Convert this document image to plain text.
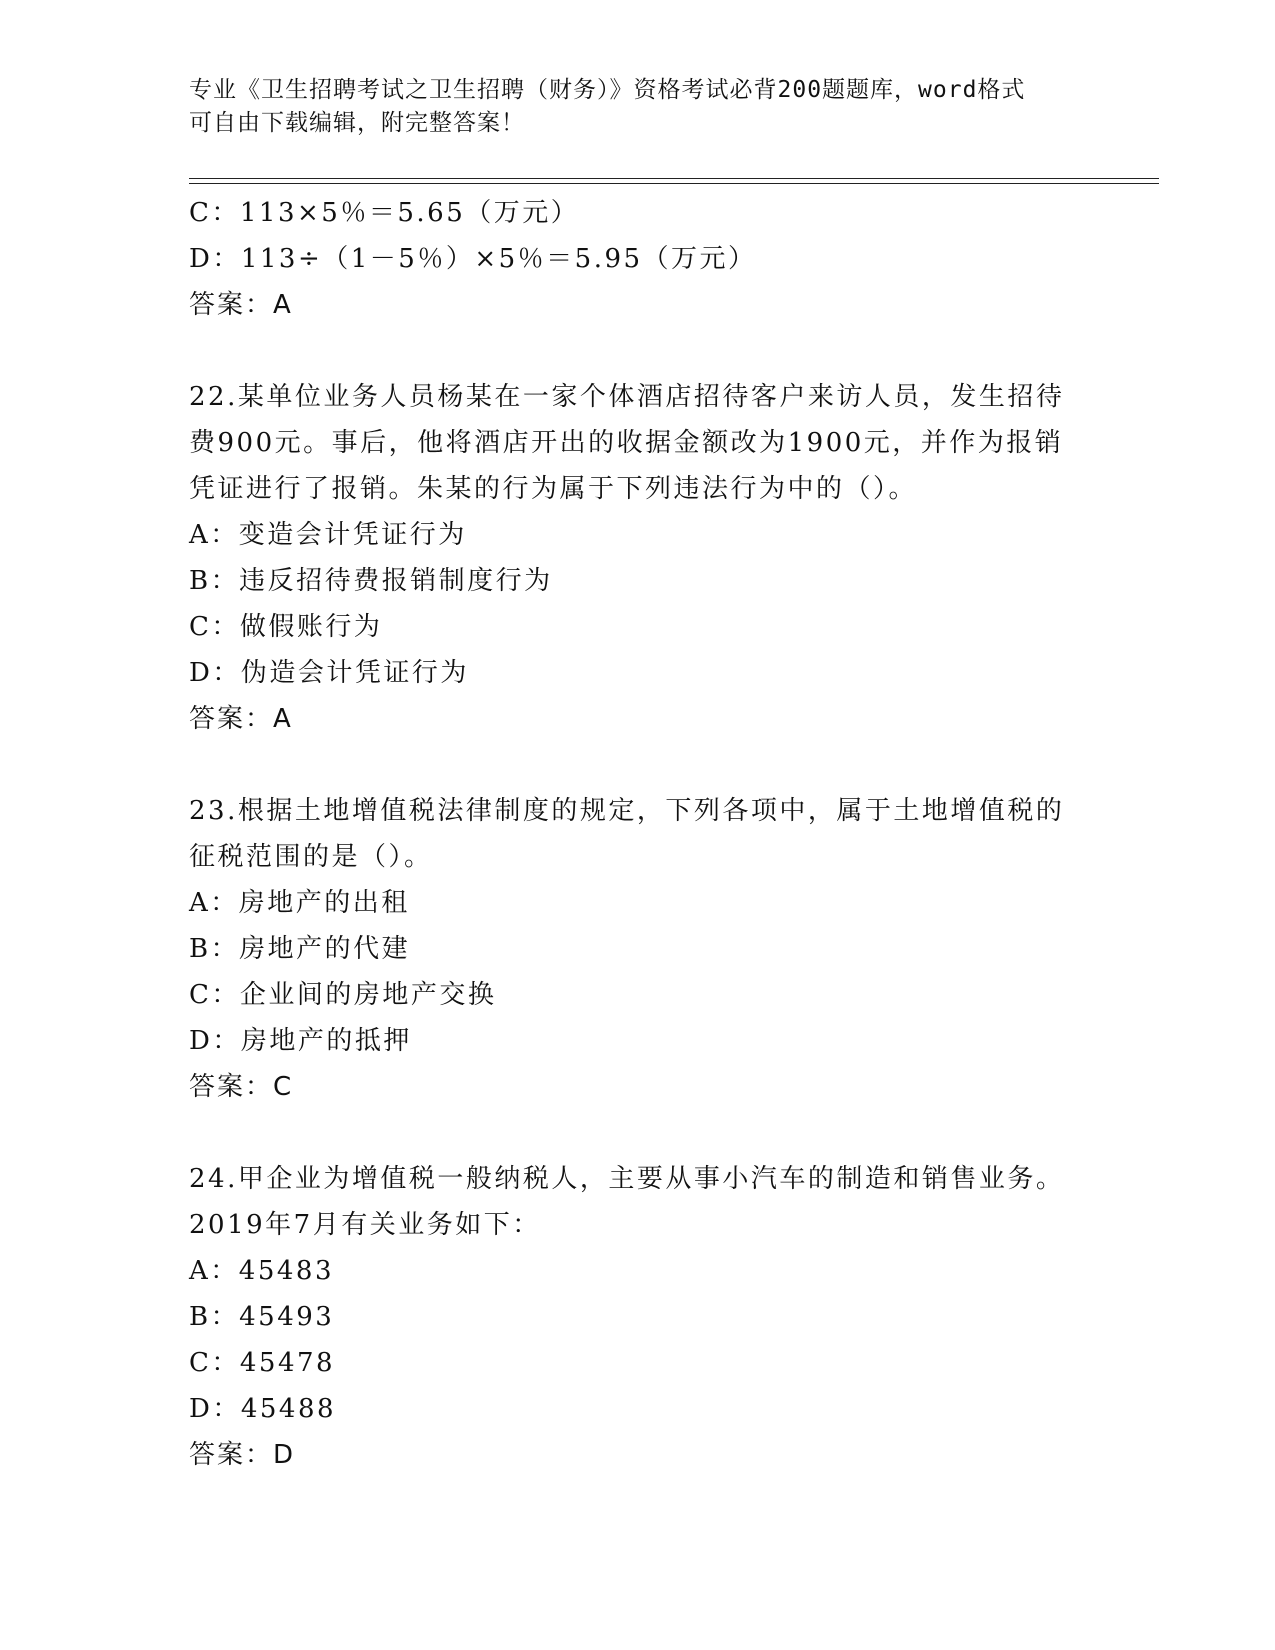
专业《卫生招聘考试之卫生招聘（财务）》资格考试必背200题题库，word格式
可自由下载编辑，附完整答案！
C：113×5％＝5.65（万元）
D：113÷（1－5％）×5％＝5.95（万元）
答案：A
22.某单位业务人员杨某在一家个体酒店招待客户来访人员，发生招待
费900元。事后，他将酒店开出的收据金额改为1900元，并作为报销
凭证进行了报销。朱某的行为属于下列违法行为中的（）。
A：变造会计凭证行为
B：违反招待费报销制度行为
C：做假账行为
D：伪造会计凭证行为
答案：A
23.根据土地增值税法律制度的规定，下列各项中，属于土地增值税的
征税范围的是（）。
A：房地产的出租
B：房地产的代建
C：企业间的房地产交换
D：房地产的抵押
答案：C
24.甲企业为增值税一般纳税人，主要从事小汽车的制造和销售业务。
2019年7月有关业务如下：
A：45483
B：45493
C：45478
D：45488
答案：D
